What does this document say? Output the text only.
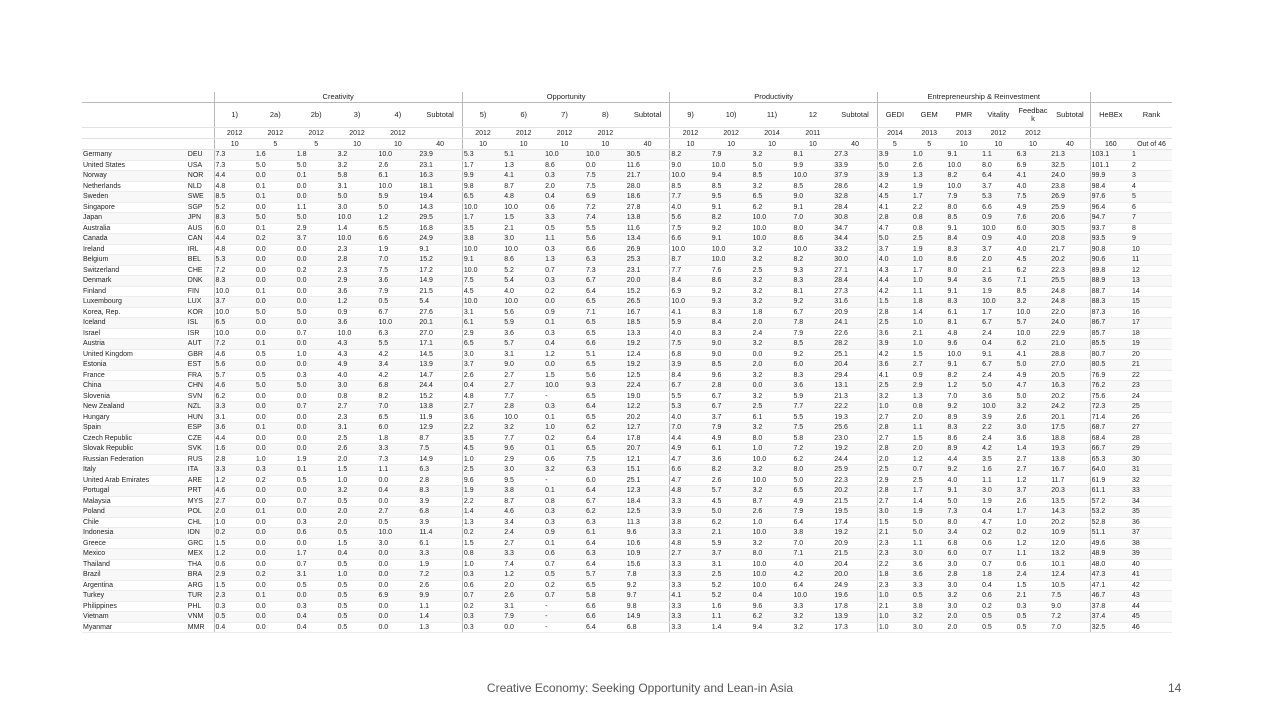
		Creativity						Opportunity					Productivity					Entrepreneurship & Reinvestment							
		1)	2a)	2b)	3)	4)	Subtotal	5)	6)	7)	8)	Subtotal	9)	10)	11)	12	Subtotal	GEDI	GEM	PMR	Vitality	Feedbac k	Subtotal	HeBEx	Rank
		2012	2012	2012	2012	2012		2012	2012	2012	2012		2012	2012	2014	2011		2014	2013	2013	2012	2012			
		10	5	5	10	10	40	10	10	10	10	40	10	10	10	10	40	5	5	10	10	10	40	160	Out of 46
Germany	DEU	7.3	1.6	1.8	3.2	10.0	23.9	5.3	5.1	10.0	10.0	30.5	8.2	7.9	3.2	8.1	27.3	3.9	1.0	9.1	1.1	6.3	21.3	103.1	1
United States	USA	7.3	5.0	5.0	3.2	2.6	23.1	1.7	1.3	8.6	0.0	11.6	9.0	10.0	5.0	9.9	33.9	5.0	2.6	10.0	8.0	6.9	32.5	101.1	2
Norway	NOR	4.4	0.0	0.1	5.8	6.1	16.3	9.9	4.1	0.3	7.5	21.7	10.0	9.4	8.5	10.0	37.9	3.9	1.3	8.2	6.4	4.1	24.0	99.9	3
Netherlands	NLD	4.8	0.1	0.0	3.1	10.0	18.1	9.8	8.7	2.0	7.5	28.0	8.5	8.5	3.2	8.5	28.6	4.2	1.9	10.0	3.7	4.0	23.8	98.4	4
Sweden	SWE	8.5	0.1	0.0	5.0	5.9	19.4	6.5	4.8	0.4	6.9	18.6	7.7	9.5	6.5	9.0	32.8	4.5	1.7	7.9	5.3	7.5	26.9	97.6	5
Singapore	SGP	5.2	0.0	1.1	3.0	5.0	14.3	10.0	10.0	0.6	7.2	27.8	4.0	9.1	6.2	9.1	28.4	4.1	2.2	8.0	6.6	4.9	25.9	96.4	6
Japan	JPN	8.3	5.0	5.0	10.0	1.2	29.5	1.7	1.5	3.3	7.4	13.8	5.6	8.2	10.0	7.0	30.8	2.8	0.8	8.5	0.9	7.6	20.6	94.7	7
Australia	AUS	6.0	0.1	2.9	1.4	6.5	16.8	3.5	2.1	0.5	5.5	11.6	7.5	9.2	10.0	8.0	34.7	4.7	0.8	9.1	10.0	6.0	30.5	93.7	8
Canada	CAN	4.4	0.2	3.7	10.0	6.6	24.9	3.8	3.0	1.1	5.6	13.4	6.6	9.1	10.0	8.6	34.4	5.0	2.5	8.4	0.9	4.0	20.8	93.5	9
Ireland	IRL	4.8	0.0	0.0	2.3	1.9	9.1	10.0	10.0	0.3	6.6	26.9	10.0	10.0	3.2	10.0	33.2	3.7	1.9	8.3	3.7	4.0	21.7	90.8	10
Belgium	BEL	5.3	0.0	0.0	2.8	7.0	15.2	9.1	8.6	1.3	6.3	25.3	8.7	10.0	3.2	8.2	30.0	4.0	1.0	8.6	2.0	4.5	20.2	90.6	11
Switzerland	CHE	7.2	0.0	0.2	2.3	7.5	17.2	10.0	5.2	0.7	7.3	23.1	7.7	7.6	2.5	9.3	27.1	4.3	1.7	8.0	2.1	6.2	22.3	89.8	12
Denmark	DNK	8.3	0.0	0.0	2.9	3.6	14.9	7.5	5.4	0.3	6.7	20.0	8.4	8.6	3.2	8.3	28.4	4.4	1.0	9.4	3.6	7.1	25.5	88.9	13
Finland	FIN	10.0	0.1	0.0	3.6	7.9	21.5	4.5	4.0	0.2	6.4	15.2	6.9	9.2	3.2	8.1	27.3	4.2	1.1	9.1	1.9	8.5	24.8	88.7	14
Luxembourg	LUX	3.7	0.0	0.0	1.2	0.5	5.4	10.0	10.0	0.0	6.5	26.5	10.0	9.3	3.2	9.2	31.6	1.5	1.8	8.3	10.0	3.2	24.8	88.3	15
Korea, Rep.	KOR	10.0	5.0	5.0	0.9	6.7	27.6	3.1	5.6	0.9	7.1	16.7	4.1	8.3	1.8	6.7	20.9	2.8	1.4	6.1	1.7	10.0	22.0	87.3	16
Iceland	ISL	6.5	0.0	0.0	3.6	10.0	20.1	6.1	5.9	0.1	6.5	18.5	5.9	8.4	2.0	7.8	24.1	2.5	1.0	8.1	6.7	5.7	24.0	86.7	17
Israel	ISR	10.0	0.0	0.7	10.0	6.3	27.0	2.9	3.6	0.3	6.5	13.3	4.0	8.3	2.4	7.9	22.6	3.6	2.1	4.8	2.4	10.0	22.9	85.7	18
Austria	AUT	7.2	0.1	0.0	4.3	5.5	17.1	6.5	5.7	0.4	6.6	19.2	7.5	9.0	3.2	8.5	28.2	3.9	1.0	9.6	0.4	6.2	21.0	85.5	19
United Kingdom	GBR	4.6	0.5	1.0	4.3	4.2	14.5	3.0	3.1	1.2	5.1	12.4	6.8	9.0	0.0	9.2	25.1	4.2	1.5	10.0	9.1	4.1	28.8	80.7	20
Estonia	EST	5.6	0.0	0.0	4.9	3.4	13.9	3.7	9.0	0.0	6.5	19.2	3.9	8.5	2.0	6.0	20.4	3.6	2.7	9.1	6.7	5.0	27.0	80.5	21
France	FRA	5.7	0.5	0.3	4.0	4.2	14.7	2.6	2.7	1.5	5.6	12.5	8.4	9.6	3.2	8.3	29.4	4.1	0.9	8.2	2.4	4.9	20.5	76.9	22
China	CHN	4.6	5.0	5.0	3.0	6.8	24.4	0.4	2.7	10.0	9.3	22.4	6.7	2.8	0.0	3.6	13.1	2.5	2.9	1.2	5.0	4.7	16.3	76.2	23
Slovenia	SVN	6.2	0.0	0.0	0.8	8.2	15.2	4.8	7.7	-	6.5	19.0	5.5	6.7	3.2	5.9	21.3	3.2	1.3	7.0	3.6	5.0	20.2	75.6	24
New Zealand	NZL	3.3	0.0	0.7	2.7	7.0	13.8	2.7	2.8	0.3	6.4	12.2	5.3	6.7	2.5	7.7	22.2	1.0	0.8	9.2	10.0	3.2	24.2	72.3	25
Hungary	HUN	3.1	0.0	0.0	2.3	6.5	11.9	3.6	10.0	0.1	6.5	20.2	4.0	3.7	6.1	5.5	19.3	2.7	2.0	8.9	3.9	2.6	20.1	71.4	26
Spain	ESP	3.6	0.1	0.0	3.1	6.0	12.9	2.2	3.2	1.0	6.2	12.7	7.0	7.9	3.2	7.5	25.6	2.8	1.1	8.3	2.2	3.0	17.5	68.7	27
Czech Republic	CZE	4.4	0.0	0.0	2.5	1.8	8.7	3.5	7.7	0.2	6.4	17.8	4.4	4.9	8.0	5.8	23.0	2.7	1.5	8.6	2.4	3.6	18.8	68.4	28
Slovak Republic	SVK	1.6	0.0	0.0	2.6	3.3	7.5	4.5	9.6	0.1	6.5	20.7	4.9	6.1	1.0	7.2	19.2	2.8	2.0	8.9	4.2	1.4	19.3	66.7	29
Russian Federation	RUS	2.8	1.0	1.9	2.0	7.3	14.9	1.0	2.9	0.6	7.5	12.1	4.7	3.6	10.0	6.2	24.4	2.0	1.2	4.4	3.5	2.7	13.8	65.3	30
Italy	ITA	3.3	0.3	0.1	1.5	1.1	6.3	2.5	3.0	3.2	6.3	15.1	6.6	8.2	3.2	8.0	25.9	2.5	0.7	9.2	1.6	2.7	16.7	64.0	31
United Arab Emirates	ARE	1.2	0.2	0.5	1.0	0.0	2.8	9.6	9.5	-	6.0	25.1	4.7	2.6	10.0	5.0	22.3	2.9	2.5	4.0	1.1	1.2	11.7	61.9	32
Portugal	PRT	4.6	0.0	0.0	3.2	0.4	8.3	1.9	3.8	0.1	6.4	12.3	4.8	5.7	3.2	6.5	20.2	2.8	1.7	9.1	3.0	3.7	20.3	61.1	33
Malaysia	MYS	2.7	0.0	0.7	0.5	0.0	3.9	2.2	8.7	0.8	6.7	18.4	3.3	4.5	8.7	4.9	21.5	2.7	1.4	5.0	1.9	2.6	13.5	57.2	34
Poland	POL	2.0	0.1	0.0	2.0	2.7	6.8	1.4	4.6	0.3	6.2	12.5	3.9	5.0	2.6	7.9	19.5	3.0	1.9	7.3	0.4	1.7	14.3	53.2	35
Chile	CHL	1.0	0.0	0.3	2.0	0.5	3.9	1.3	3.4	0.3	6.3	11.3	3.8	6.2	1.0	6.4	17.4	1.5	5.0	8.0	4.7	1.0	20.2	52.8	36
Indonesia	IDN	0.2	0.0	0.6	0.5	10.0	11.4	0.2	2.4	0.9	6.1	9.6	3.3	2.1	10.0	3.8	19.2	2.1	5.0	3.4	0.2	0.2	10.9	51.1	37
Greece	GRC	1.5	0.0	0.0	1.5	3.0	6.1	1.5	2.7	0.1	6.4	10.6	4.8	5.9	3.2	7.0	20.9	2.3	1.1	6.8	0.6	1.2	12.0	49.6	38
Mexico	MEX	1.2	0.0	1.7	0.4	0.0	3.3	0.8	3.3	0.6	6.3	10.9	2.7	3.7	8.0	7.1	21.5	2.3	3.0	6.0	0.7	1.1	13.2	48.9	39
Thailand	THA	0.6	0.0	0.7	0.5	0.0	1.9	1.0	7.4	0.7	6.4	15.6	3.3	3.1	10.0	4.0	20.4	2.2	3.6	3.0	0.7	0.6	10.1	48.0	40
Brazil	BRA	2.9	0.2	3.1	1.0	0.0	7.2	0.3	1.2	0.5	5.7	7.8	3.3	2.5	10.0	4.2	20.0	1.8	3.6	2.8	1.8	2.4	12.4	47.3	41
Argentina	ARG	1.5	0.0	0.5	0.5	0.0	2.6	0.6	2.0	0.2	6.5	9.2	3.3	5.2	10.0	6.4	24.9	2.3	3.3	3.0	0.4	1.5	10.5	47.1	42
Turkey	TUR	2.3	0.1	0.0	0.5	6.9	9.9	0.7	2.6	0.7	5.8	9.7	4.1	5.2	0.4	10.0	19.6	1.0	0.5	3.2	0.6	2.1	7.5	46.7	43
Philippines	PHL	0.3	0.0	0.3	0.5	0.0	1.1	0.2	3.1	-	6.6	9.8	3.3	1.6	9.6	3.3	17.8	2.1	3.8	3.0	0.2	0.3	9.0	37.8	44
Vietnam	VNM	0.5	0.0	0.4	0.5	0.0	1.4	0.3	7.9	-	6.6	14.9	3.3	1.1	6.2	3.2	13.9	1.0	3.2	2.0	0.5	0.5	7.2	37.4	45
Myanmar	MMR	0.4	0.0	0.4	0.5	0.0	1.3	0.3	0.0	-	6.4	6.8	3.3	1.4	9.4	3.2	17.3	1.0	3.0	2.0	0.5	0.5	7.0	32.5	46
Creative Economy: Seeking Opportunity and Lean-in Asia	14
